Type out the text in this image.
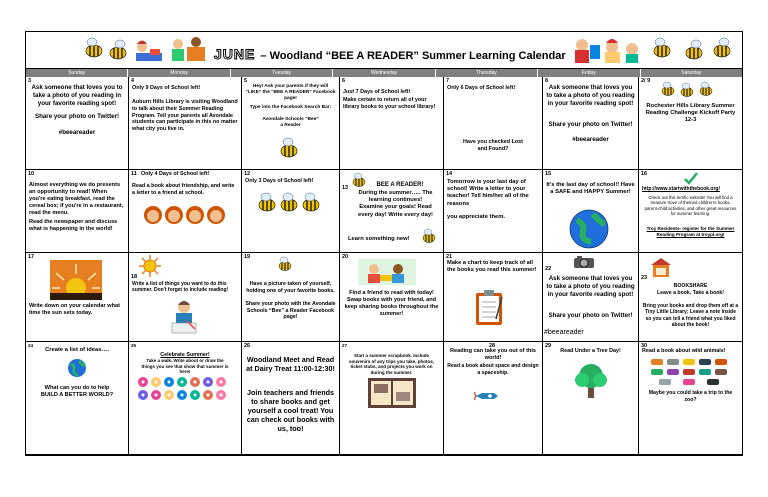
JUNE – Woodland “BEE A READER” Summer Learning Calendar
Sunday	Monday	Tuesday	Wednesday	Thursday	Friday	Saturday
3
Ask someone that loves you to take a photo of you reading in your favorite reading spot!
Share your photo on Twitter!
#beeareader
4
Only 9 Days of School left!
Auburn Hills Library is visiting Woodland to talk about their Summer Reading Program. Tell your parents all Avondale students can participate in this no matter what city you live in.
5
Hey! Ask your parents if they will “LIKE” the “BEE A READER” Facebook page!
Type into the Facebook Search Bar:
Avondale Schools “Bee” a Reader
6
Just 7 Days of School left!
Make certain to return all of your library books to your school library!
7
Only 6 Days of School left!
Have you checked Lost and Found?
8
Ask someone that loves you to take a photo of you reading in your favorite reading spot!
Share your photo on Twitter!
#beeareader
2/ 9
Rochester Hills Library Summer Reading Challenge Kickoff Party 12-3
10
Almost everything we do presents an opportunity to read! When you're eating breakfast, read the cereal box; if you're in a restaurant, read the menu.
Read the newspaper and discuss what is happening in the world!
11 Only 4 Days of School left!
Read a book about friendship, and write a letter to a friend at school.
12
Only 3 Days of School left!
13	BEE A READER!
During the summer….. The learning continues! Examine your goals! Read every day! Write every day!
Learn something new!
14
Tomorrow is your last day of school! Write a letter to your teacher! Tell him/her all of the reasons
you appreciate them.
15
It's the last day of school!! Have a SAFE and HAPPY Summer!
16
http://www.startwiththebook.org/
Check out this terrific website! You will find a treasure trove of themed children's books, parent-child activities, and other great resources for summer learning.
Troy Residents- register for the Summer Reading Program at troypl.org!
17
Write down on your calendar what time the sun sets today.
18
Write a list of things you want to do this summer. Don't forget to include reading!
19
Have a picture taken of yourself, holding one of your favorite books.
Share your photo with the Avondale Schools “Bee” a Reader Facebook page!
20
Find a friend to read with today! Swap books with your friend, and keep sharing books throughout the summer!
21
Make a chart to keep track of all the books you read this summer!	22
Ask someone that loves you to take a photo of you reading in your favorite reading spot!
Share your photo on Twitter!
#beeareader
23
BOOKSHARE
Leave a book, Take a book!
Bring your books and drop them off at a Tiny Little Library; Leave a note inside so you can tell a friend what you liked about the book!
24
Create a list of ideas….
What can you do to help BUILD A BETTER WORLD?
25
Celebrate Summer!
Take a walk. Write about or draw the things you see that show that summer is here!
26
Woodland Meet and Read at Dairy Treat 11:00-12:30!
Join teachers and friends to share books and get yourself a cool treat! You can check out books with us, too!
27
Start a summer scrapbook. Include souvenirs of any trips you take, photos, ticket stubs, and projects you work on during the summer.
28
Reading can take you out of this world!
Read a book about space and design a spaceship.
29
Read Under a Tree Day!
30
Read a book about wild animals!
Maybe you could take a trip to the zoo?
